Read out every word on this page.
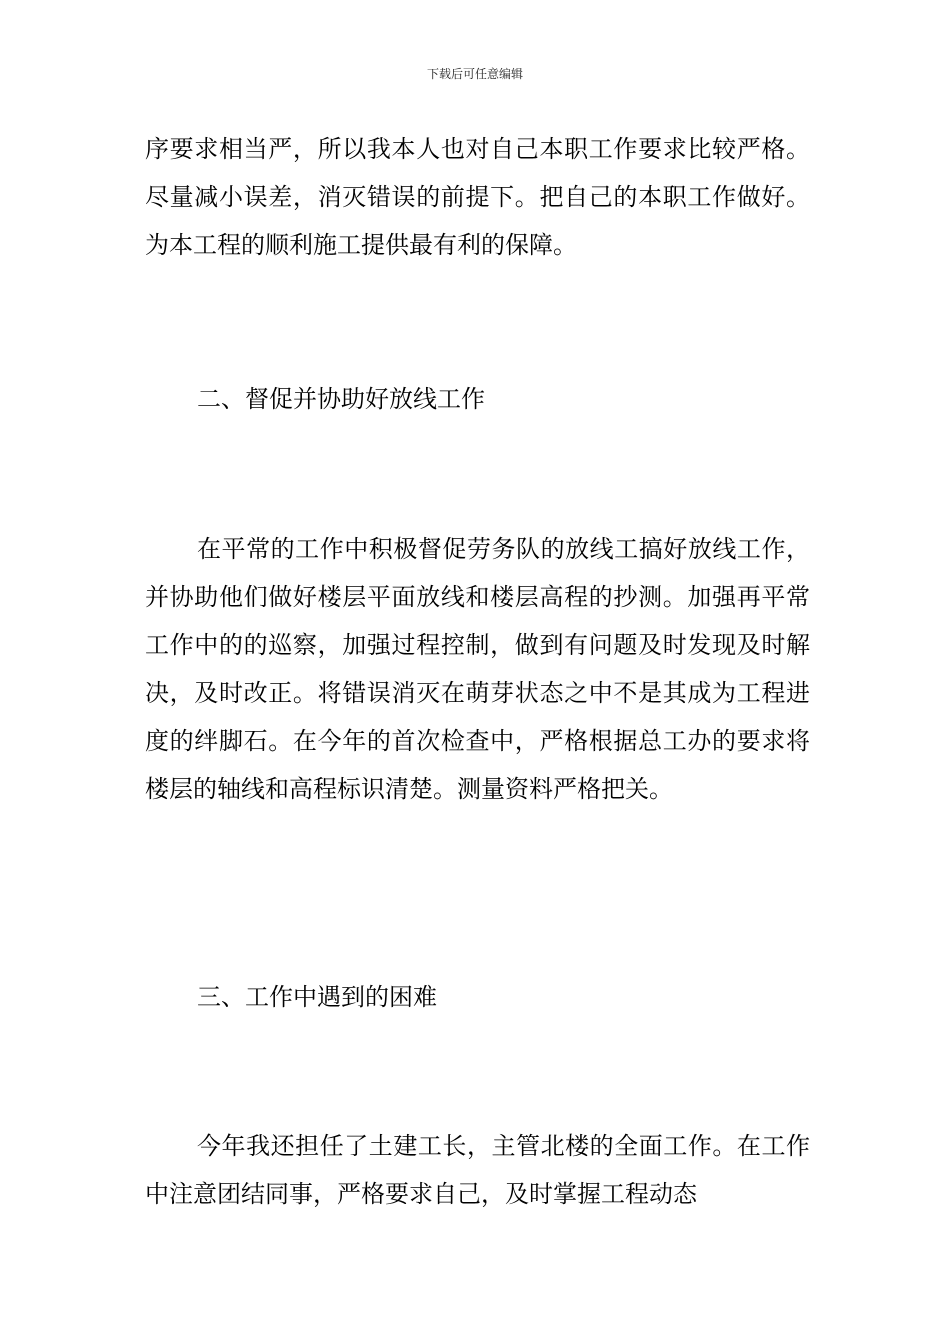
下载后可任意编辑

序要求相当严，所以我本人也对自己本职工作要求比较严格。尽量减小误差，消灭错误的前提下。把自己的本职工作做好。为本工程的顺利施工提供最有利的保障。

二、督促并协助好放线工作

在平常的工作中积极督促劳务队的放线工搞好放线工作，并协助他们做好楼层平面放线和楼层高程的抄测。加强再平常工作中的的巡察，加强过程控制，做到有问题及时发现及时解决，及时改正。将错误消灭在萌芽状态之中不是其成为工程进度的绊脚石。在今年的首次检查中，严格根据总工办的要求将楼层的轴线和高程标识清楚。测量资料严格把关。

三、工作中遇到的困难

今年我还担任了土建工长，主管北楼的全面工作。在工作中注意团结同事，严格要求自己，及时掌握工程动态
